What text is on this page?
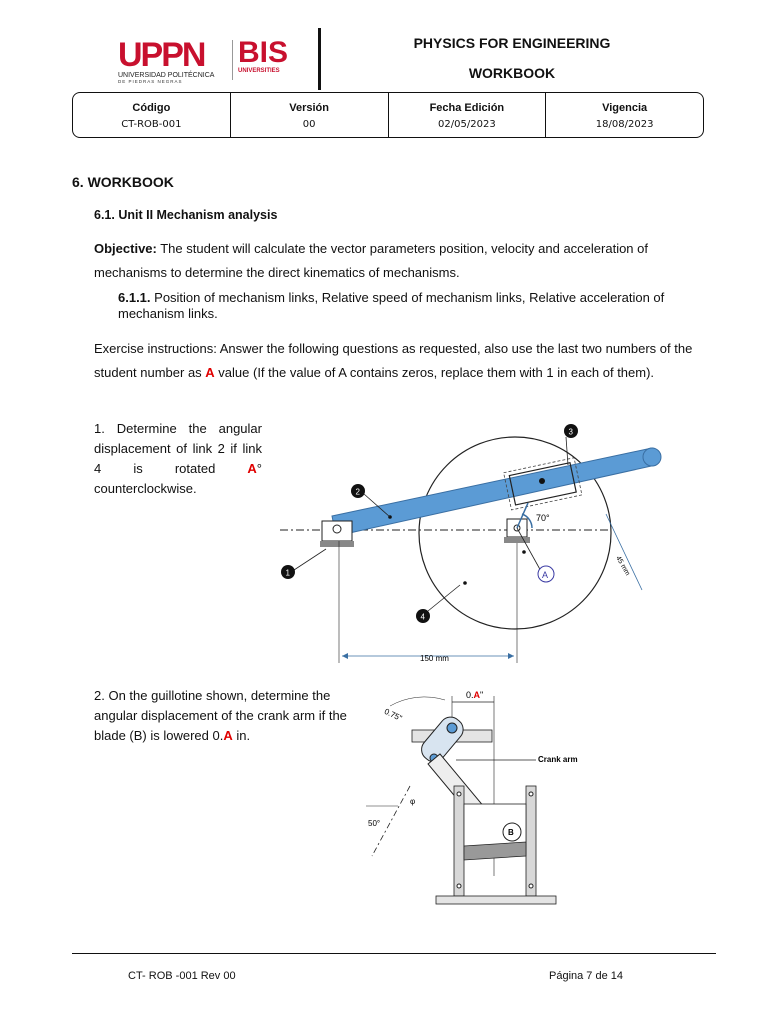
UPPN
UNIVERSIDAD POLITÉCNICA
DE PIEDRAS NEGRAS
BIS
UNIVERSITIES
PHYSICS FOR ENGINEERING
WORKBOOK
Código
CT-ROB-001
Versión
00
Fecha Edición
02/05/2023
Vigencia
18/08/2023
6. WORKBOOK
6.1. Unit II Mechanism analysis
Objective: The student will calculate the vector parameters position, velocity and acceleration of mechanisms to determine the direct kinematics of mechanisms.
6.1.1. Position of mechanism links, Relative speed of mechanism links, Relative acceleration of mechanism links.
Exercise instructions: Answer the following questions as requested, also use the last two numbers of the student number as A value (If the value of A contains zeros, replace them with 1 in each of them).
1. Determine the angular displacement of link 2 if link 4 is rotated A° counterclockwise.
70°
A	45 mm
150 mm
1
2
3
4
2. On the guillotine shown, determine the angular displacement of the crank arm if the blade (B) is lowered 0.A in.
0.A"
0.75"
Crank arm
50°
φ
B
CT- ROB -001 Rev 00	Página 7 de 14
